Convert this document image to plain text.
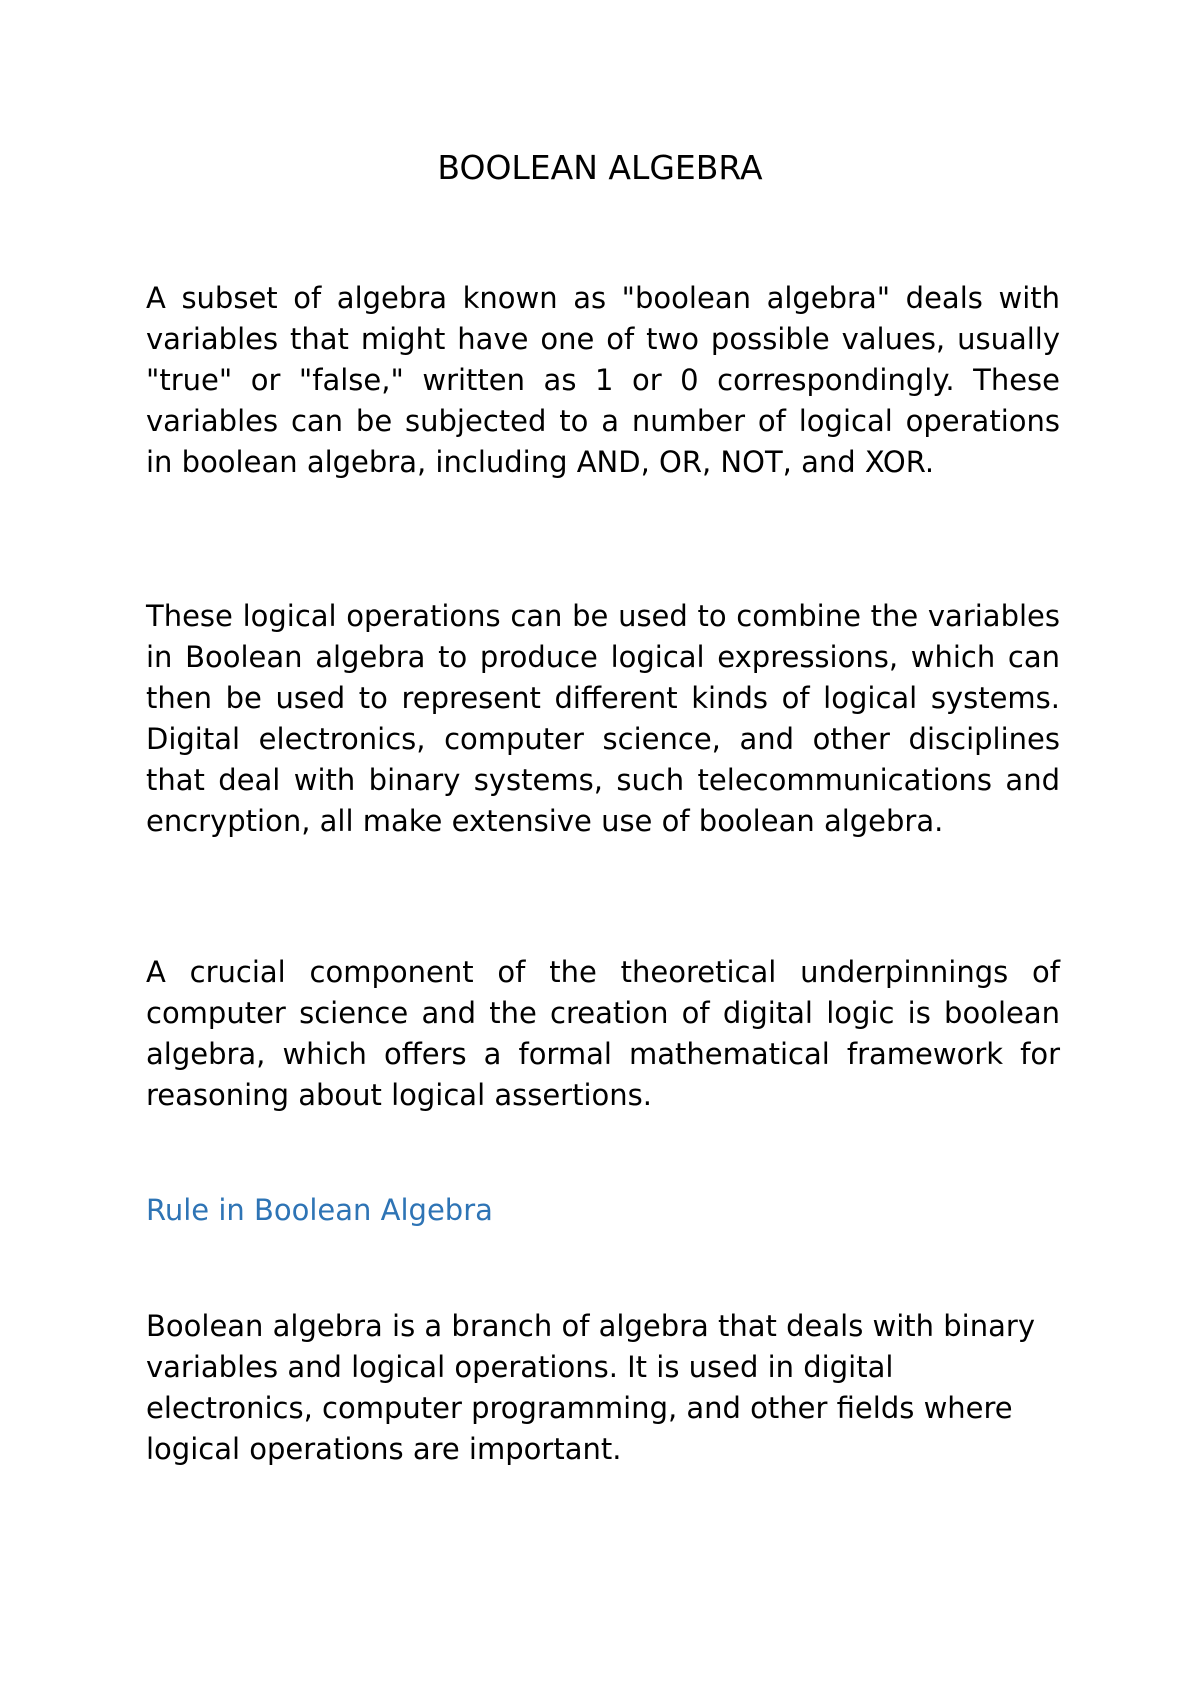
BOOLEAN ALGEBRA

A subset of algebra known as "boolean algebra" deals with variables that might have one of two possible values, usually "true" or "false," written as 1 or 0 correspondingly. These variables can be subjected to a number of logical operations in boolean algebra, including AND, OR, NOT, and XOR.

These logical operations can be used to combine the variables in Boolean algebra to produce logical expressions, which can then be used to represent different kinds of logical systems. Digital electronics, computer science, and other disciplines that deal with binary systems, such telecommunications and encryption, all make extensive use of boolean algebra.

A crucial component of the theoretical underpinnings of computer science and the creation of digital logic is boolean algebra, which offers a formal mathematical framework for reasoning about logical assertions.

Rule in Boolean Algebra

Boolean algebra is a branch of algebra that deals with binary variables and logical operations. It is used in digital electronics, computer programming, and other fields where logical operations are important.
